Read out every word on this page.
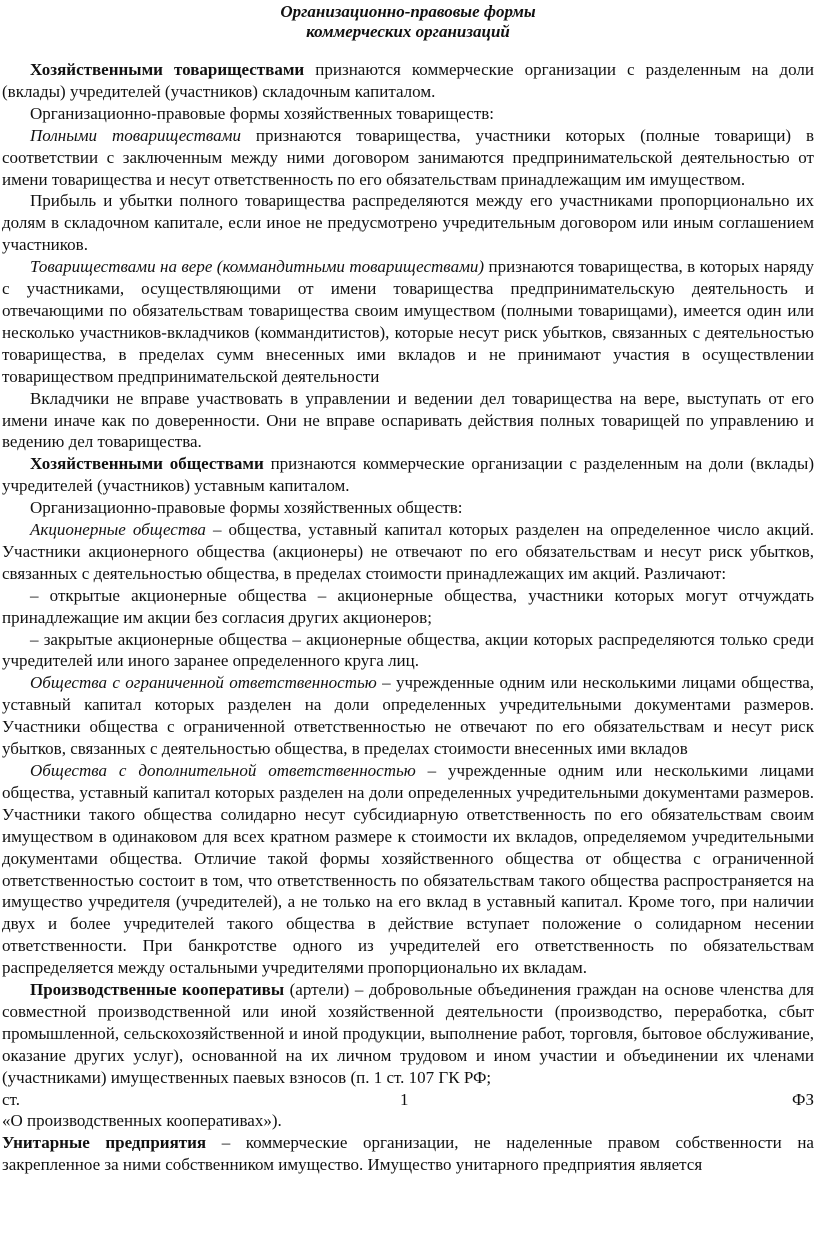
Организационно-правовые формы
коммерческих организаций

Хозяйственными товариществами признаются коммерческие организации с разделенным на доли (вклады) учредителей (участников) складочным капиталом.

Организационно-правовые формы хозяйственных товариществ:

Полными товариществами признаются товарищества, участники которых (полные товарищи) в соответствии с заключенным между ними договором занимаются предпринимательской деятельностью от имени товарищества и несут ответственность по его обязательствам принадлежащим им имуществом.

Прибыль и убытки полного товарищества распределяются между его участниками пропорционально их долям в складочном капитале, если иное не предусмотрено учредительным договором или иным соглашением участников.

Товариществами на вере (коммандитными товариществами) признаются товарищества, в которых наряду с участниками, осуществляющими от имени товарищества предпринимательскую деятельность и отвечающими по обязательствам товарищества своим имуществом (полными товарищами), имеется один или несколько участников-вкладчиков (коммандитистов), которые несут риск убытков, связанных с деятельностью товарищества, в пределах сумм внесенных ими вкладов и не принимают участия в осуществлении товариществом предпринимательской деятельности

Вкладчики не вправе участвовать в управлении и ведении дел товарищества на вере, выступать от его имени иначе как по доверенности. Они не вправе оспаривать действия полных товарищей по управлению и ведению дел товарищества.

Хозяйственными обществами признаются коммерческие организации с разделенным на доли (вклады) учредителей (участников) уставным капиталом.

Организационно-правовые формы хозяйственных обществ:

Акционерные общества – общества, уставный капитал которых разделен на определенное число акций. Участники акционерного общества (акционеры) не отвечают по его обязательствам и несут риск убытков, связанных с деятельностью общества, в пределах стоимости принадлежащих им акций. Различают:

– открытые акционерные общества – акционерные общества, участники которых могут отчуждать принадлежащие им акции без согласия других акционеров;

– закрытые акционерные общества – акционерные общества, акции которых распределяются только среди учредителей или иного заранее определенного круга лиц.

Общества с ограниченной ответственностью – учрежденные одним или несколькими лицами общества, уставный капитал которых разделен на доли определенных учредительными документами размеров. Участники общества с ограниченной ответственностью не отвечают по его обязательствам и несут риск убытков, связанных с деятельностью общества, в пределах стоимости внесенных ими вкладов

Общества с дополнительной ответственностью – учрежденные одним или несколькими лицами общества, уставный капитал которых разделен на доли определенных учредительными документами размеров. Участники такого общества солидарно несут субсидиарную ответственность по его обязательствам своим имуществом в одинаковом для всех кратном размере к стоимости их вкладов, определяемом учредительными документами общества. Отличие такой формы хозяйственного общества от общества с ограниченной ответственностью состоит в том, что ответственность по обязательствам такого общества распространяется на имущество учредителя (учредителей), а не только на его вклад в уставный капитал. Кроме того, при наличии двух и более учредителей такого общества в действие вступает положение о солидарном несении ответственности. При банкротстве одного из учредителей его ответственность по обязательствам распределяется между остальными учредителями пропорционально их вкладам.

Производственные кооперативы (артели) – добровольные объединения граждан на основе членства для совместной производственной или иной хозяйственной деятельности (производство, переработка, сбыт промышленной, сельскохозяйственной и иной продукции, выполнение работ, торговля, бытовое обслуживание, оказание других услуг), основанной на их личном трудовом и ином участии и объединении их членами (участниками) имущественных паевых взносов (п. 1 ст. 107 ГК РФ;

ст.	1	ФЗ

«О производственных кооперативах»).

Унитарные предприятия – коммерческие организации, не наделенные правом собственности на закрепленное за ними собственником имущество. Имущество унитарного предприятия является
